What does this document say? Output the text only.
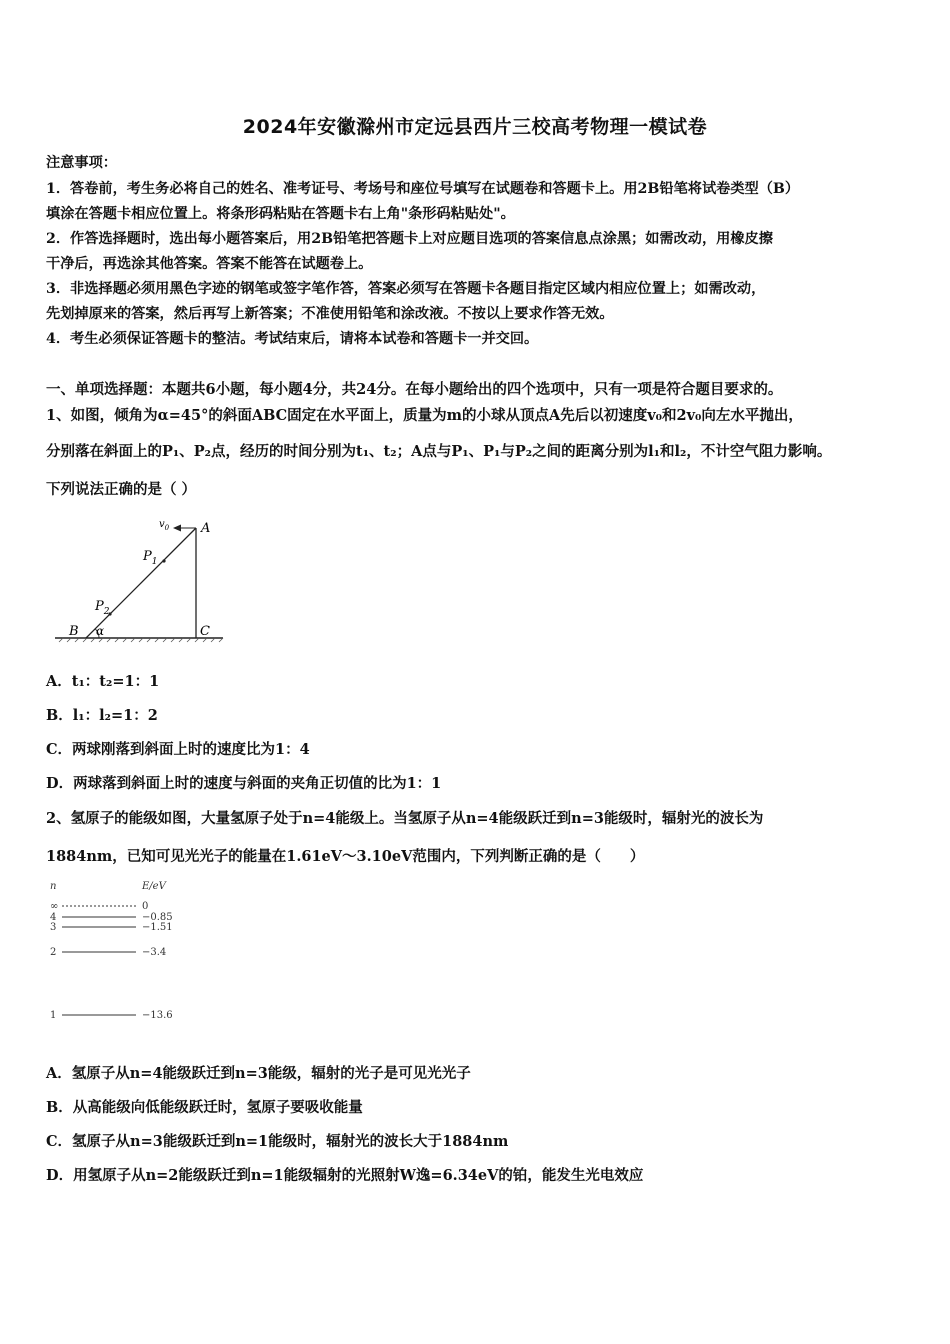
2024年安徽滁州市定远县西片三校高考物理一模试卷
注意事项：
1．答卷前，考生务必将自己的姓名、准考证号、考场号和座位号填写在试题卷和答题卡上。用2B铅笔将试卷类型（B）
填涂在答题卡相应位置上。将条形码粘贴在答题卡右上角"条形码粘贴处"。
2．作答选择题时，选出每小题答案后，用2B铅笔把答题卡上对应题目选项的答案信息点涂黑；如需改动，用橡皮擦
干净后，再选涂其他答案。答案不能答在试题卷上。
3．非选择题必须用黑色字迹的钢笔或签字笔作答，答案必须写在答题卡各题目指定区域内相应位置上；如需改动，
先划掉原来的答案，然后再写上新答案；不准使用铅笔和涂改液。不按以上要求作答无效。
4．考生必须保证答题卡的整洁。考试结束后，请将本试卷和答题卡一并交回。
一、单项选择题：本题共6小题，每小题4分，共24分。在每小题给出的四个选项中，只有一项是符合题目要求的。
1、如图，倾角为α=45°的斜面ABC固定在水平面上，质量为m的小球从顶点A先后以初速度v₀和2v₀向左水平抛出，
分别落在斜面上的P₁、P₂点，经历的时间分别为t₁、t₂；A点与P₁、P₁与P₂之间的距离分别为l₁和l₂，不计空气阻力影响。
下列说法正确的是（ ）
$v_0$ A
$P_1$
$P_2$
B α	C
A．t₁：t₂=1：1
B．l₁：l₂=1：2
C．两球刚落到斜面上时的速度比为1：4
D．两球落到斜面上时的速度与斜面的夹角正切值的比为1：1
2、氢原子的能级如图，大量氢原子处于n=4能级上。当氢原子从n=4能级跃迁到n=3能级时，辐射光的波长为
1884nm，已知可见光光子的能量在1.61eV～3.10eV范围内，下列判断正确的是（　　）
n	E/eV
∞	0
4	−0.85
3	−1.51
2	−3.4
1	−13.6
A．氢原子从n=4能级跃迁到n=3能级，辐射的光子是可见光光子
B．从高能级向低能级跃迁时，氢原子要吸收能量
C．氢原子从n=3能级跃迁到n=1能级时，辐射光的波长大于1884nm
D．用氢原子从n=2能级跃迁到n=1能级辐射的光照射W逸=6.34eV的铂，能发生光电效应
